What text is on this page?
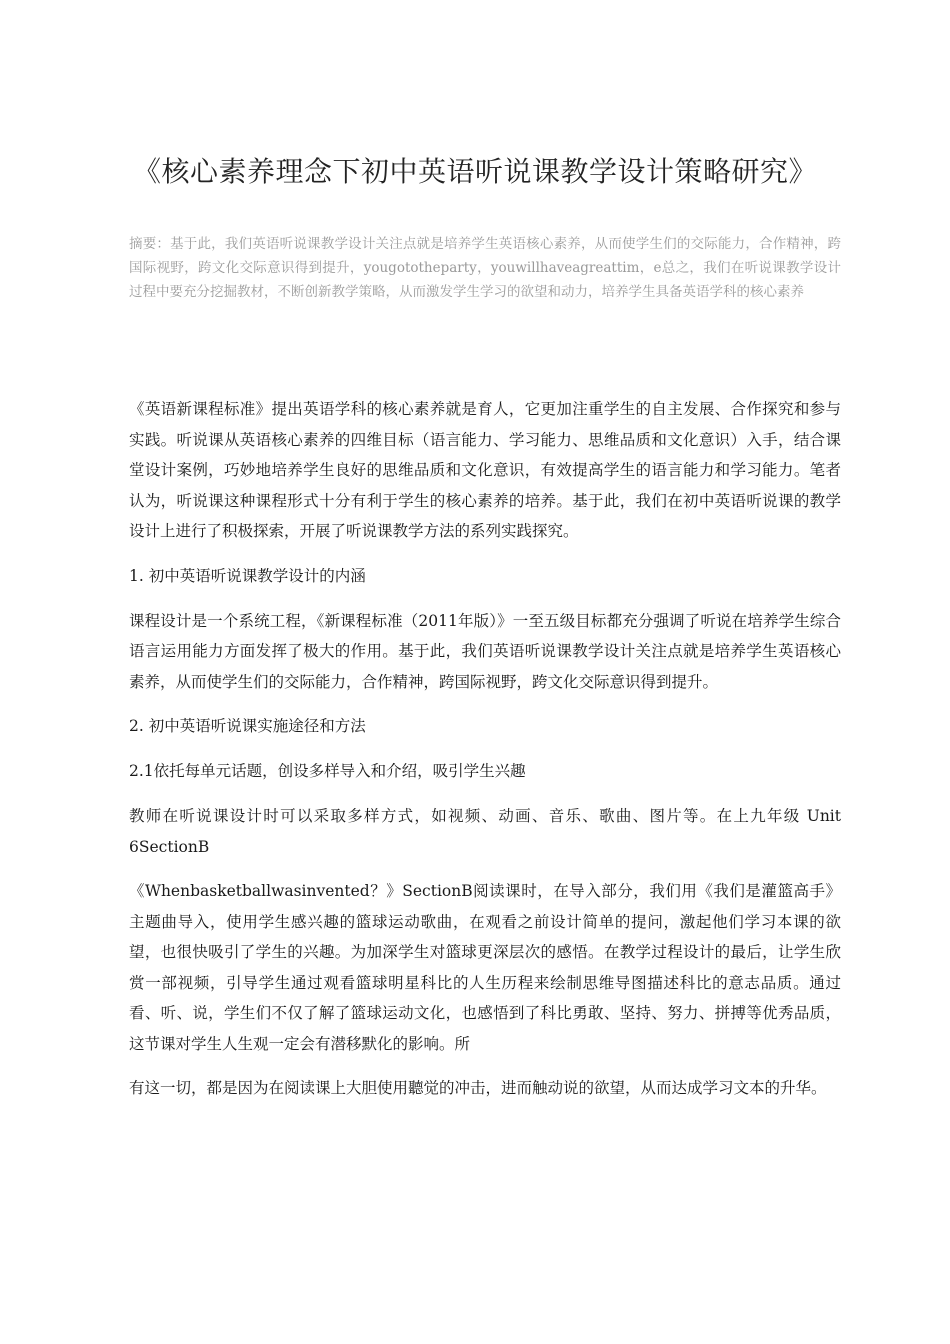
《核心素养理念下初中英语听说课教学设计策略研究》

摘要：基于此，我们英语听说课教学设计关注点就是培养学生英语核心素养，从而使学生们的交际能力，合作精神，跨国际视野，跨文化交际意识得到提升，yougototheparty，youwillhaveagreattim，e总之，我们在听说课教学设计过程中要充分挖掘教材，不断创新教学策略，从而激发学生学习的欲望和动力，培养学生具备英语学科的核心素养

《英语新课程标准》提出英语学科的核心素养就是育人，它更加注重学生的自主发展、合作探究和参与实践。听说课从英语核心素养的四维目标（语言能力、学习能力、思维品质和文化意识）入手，结合课堂设计案例，巧妙地培养学生良好的思维品质和文化意识，有效提高学生的语言能力和学习能力。笔者认为，听说课这种课程形式十分有利于学生的核心素养的培养。基于此，我们在初中英语听说课的教学设计上进行了积极探索，开展了听说课教学方法的系列实践探究。

1. 初中英语听说课教学设计的内涵

课程设计是一个系统工程，《新课程标准（2011年版）》一至五级目标都充分强调了听说在培养学生综合语言运用能力方面发挥了极大的作用。基于此，我们英语听说课教学设计关注点就是培养学生英语核心素养，从而使学生们的交际能力，合作精神，跨国际视野，跨文化交际意识得到提升。

2. 初中英语听说课实施途径和方法

2.1依托每单元话题，创设多样导入和介绍，吸引学生兴趣

教师在听说课设计时可以采取多样方式，如视频、动画、音乐、歌曲、图片等。在上九年级 Unit 6SectionB

《Whenbasketballwasinvented？》SectionB阅读课时，在导入部分，我们用《我们是灌篮高手》主题曲导入，使用学生感兴趣的篮球运动歌曲，在观看之前设计简单的提问，激起他们学习本课的欲望，也很快吸引了学生的兴趣。为加深学生对篮球更深层次的感悟。在教学过程设计的最后，让学生欣赏一部视频，引导学生通过观看篮球明星科比的人生历程来绘制思维导图描述科比的意志品质。通过看、听、说，学生们不仅了解了篮球运动文化，也感悟到了科比勇敢、坚持、努力、拼搏等优秀品质，这节课对学生人生观一定会有潜移默化的影响。所

有这一切，都是因为在阅读课上大胆使用聽觉的冲击，进而触动说的欲望，从而达成学习文本的升华。
